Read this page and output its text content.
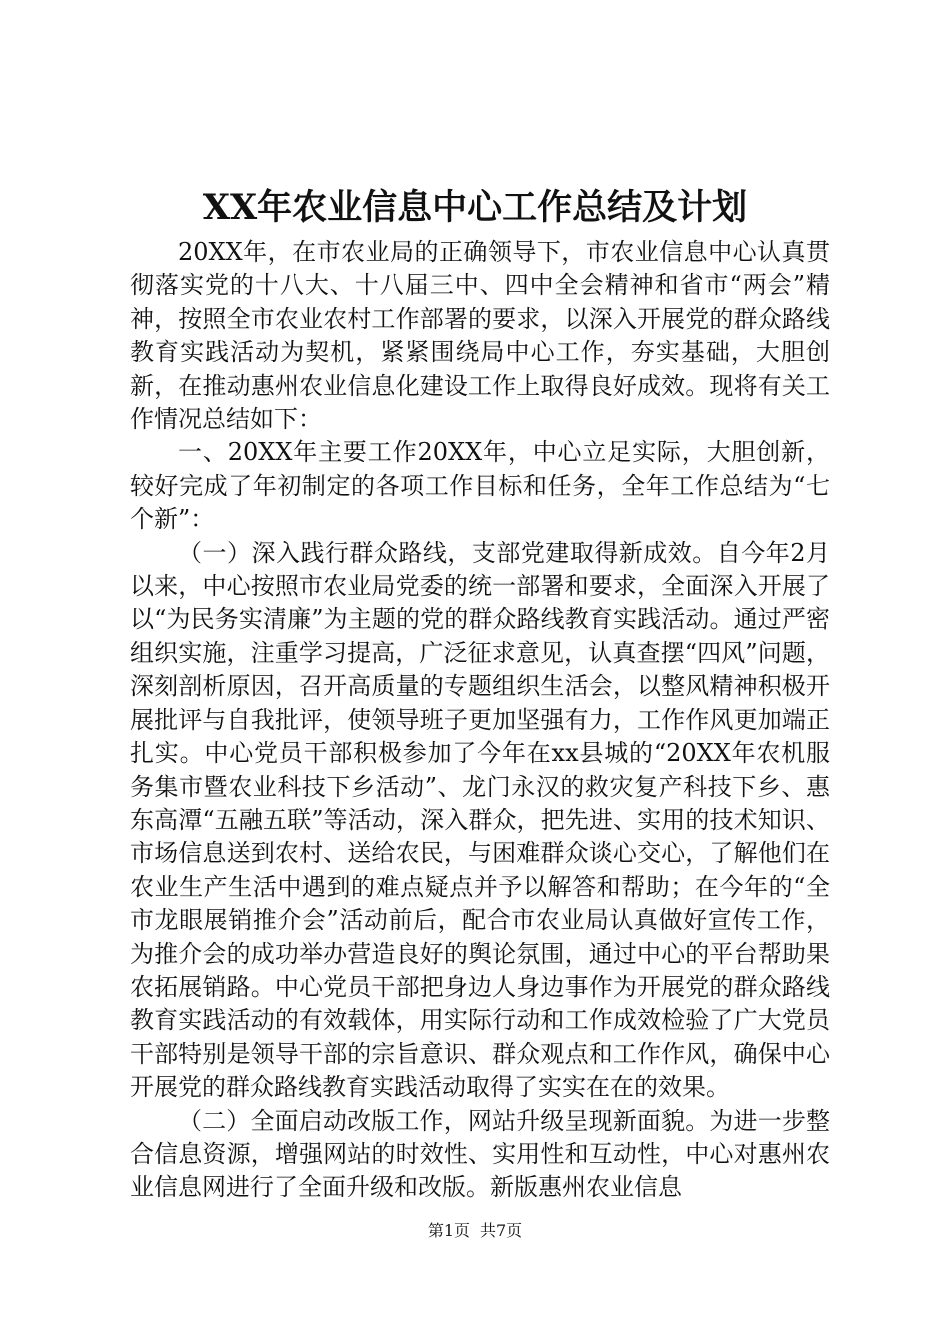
XX年农业信息中心工作总结及计划

20XX年，在市农业局的正确领导下，市农业信息中心认真贯彻落实党的十八大、十八届三中、四中全会精神和省市“两会”精神，按照全市农业农村工作部署的要求，以深入开展党的群众路线教育实践活动为契机，紧紧围绕局中心工作，夯实基础，大胆创新，在推动惠州农业信息化建设工作上取得良好成效。现将有关工作情况总结如下：

一、20XX年主要工作20XX年，中心立足实际，大胆创新，较好完成了年初制定的各项工作目标和任务，全年工作总结为“七个新”：

（一）深入践行群众路线，支部党建取得新成效。自今年2月以来，中心按照市农业局党委的统一部署和要求，全面深入开展了以“为民务实清廉”为主题的党的群众路线教育实践活动。通过严密组织实施，注重学习提高，广泛征求意见，认真查摆“四风”问题，深刻剖析原因，召开高质量的专题组织生活会，以整风精神积极开展批评与自我批评，使领导班子更加坚强有力，工作作风更加端正扎实。中心党员干部积极参加了今年在xx县城的“20XX年农机服务集市暨农业科技下乡活动”、龙门永汉的救灾复产科技下乡、惠东高潭“五融五联”等活动，深入群众，把先进、实用的技术知识、市场信息送到农村、送给农民，与困难群众谈心交心，了解他们在农业生产生活中遇到的难点疑点并予以解答和帮助；在今年的“全市龙眼展销推介会”活动前后，配合市农业局认真做好宣传工作，为推介会的成功举办营造良好的舆论氛围，通过中心的平台帮助果农拓展销路。中心党员干部把身边人身边事作为开展党的群众路线教育实践活动的有效载体，用实际行动和工作成效检验了广大党员干部特别是领导干部的宗旨意识、群众观点和工作作风，确保中心开展党的群众路线教育实践活动取得了实实在在的效果。

（二）全面启动改版工作，网站升级呈现新面貌。为进一步整合信息资源，增强网站的时效性、实用性和互动性，中心对惠州农业信息网进行了全面升级和改版。新版惠州农业信息

第1页 共7页
